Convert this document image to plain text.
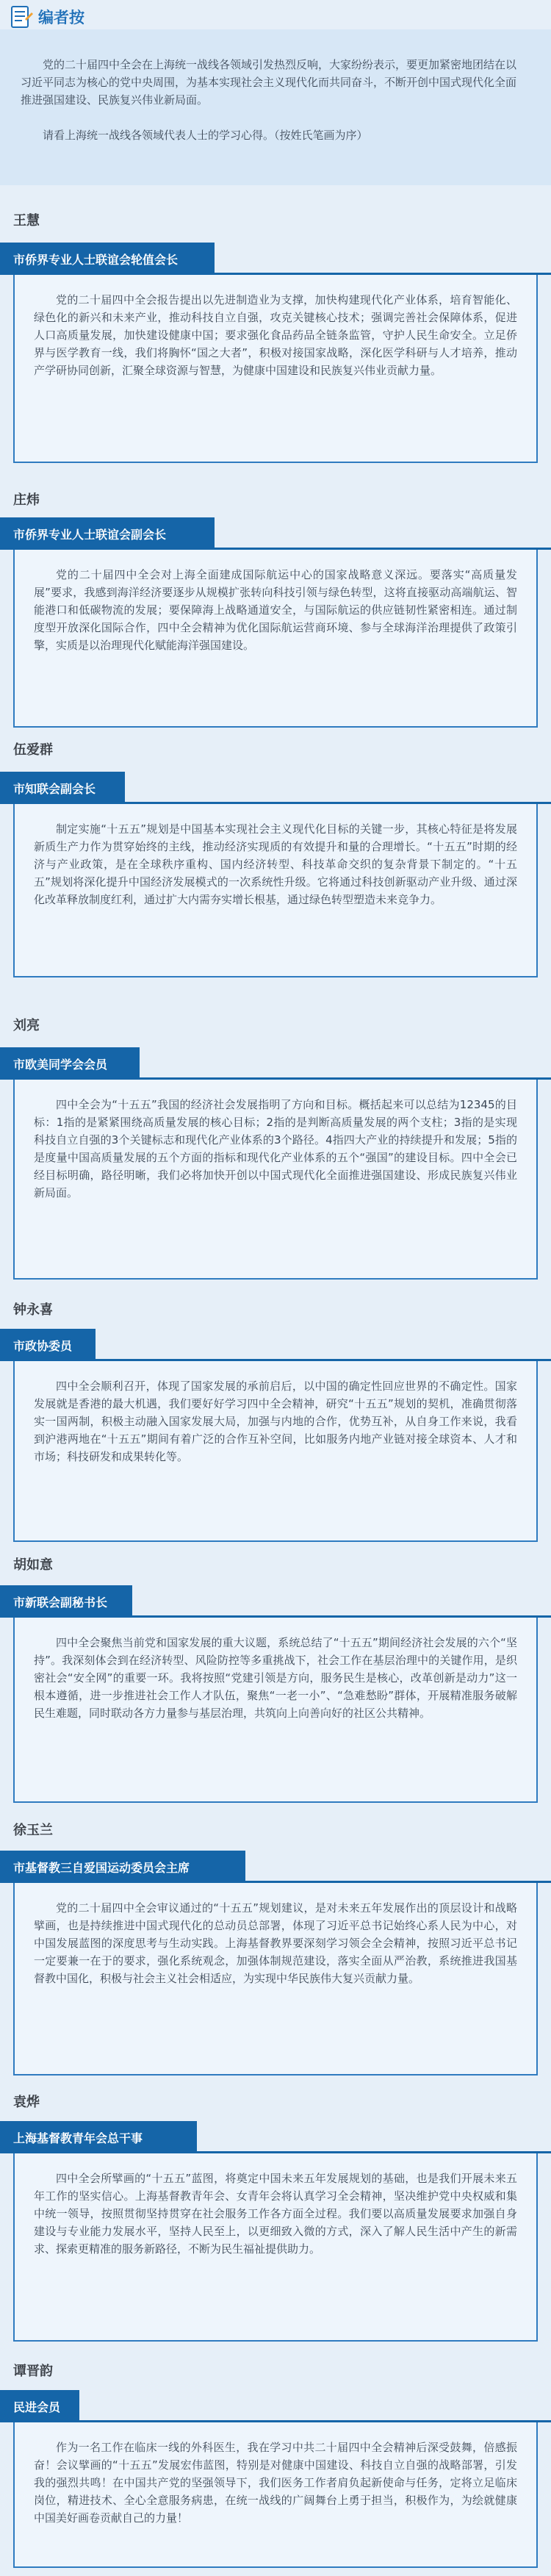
编者按

党的二十届四中全会在上海统一战线各领域引发热烈反响，大家纷纷表示，要更加紧密地团结在以习近平同志为核心的党中央周围，为基本实现社会主义现代化而共同奋斗，不断开创中国式现代化全面推进强国建设、民族复兴伟业新局面。

请看上海统一战线各领域代表人士的学习心得。（按姓氏笔画为序）

王慧
市侨界专业人士联谊会轮值会长
党的二十届四中全会报告提出以先进制造业为支撑，加快构建现代化产业体系，培育智能化、绿色化的新兴和未来产业，推动科技自立自强，攻克关键核心技术；强调完善社会保障体系，促进人口高质量发展，加快建设健康中国；要求强化食品药品全链条监管，守护人民生命安全。立足侨界与医学教育一线，我们将胸怀“国之大者”，积极对接国家战略，深化医学科研与人才培养，推动产学研协同创新，汇聚全球资源与智慧，为健康中国建设和民族复兴伟业贡献力量。
庄炜
市侨界专业人士联谊会副会长
党的二十届四中全会对上海全面建成国际航运中心的国家战略意义深远。要落实“高质量发展”要求，我感到海洋经济要逐步从规模扩张转向科技引领与绿色转型，这将直接驱动高端航运、智能港口和低碳物流的发展；要保障海上战略通道安全，与国际航运的供应链韧性紧密相连。通过制度型开放深化国际合作，四中全会精神为优化国际航运营商环境、参与全球海洋治理提供了政策引擎，实质是以治理现代化赋能海洋强国建设。
伍爱群
市知联会副会长
制定实施“十五五”规划是中国基本实现社会主义现代化目标的关键一步，其核心特征是将发展新质生产力作为贯穿始终的主线，推动经济实现质的有效提升和量的合理增长。“十五五”时期的经济与产业政策，是在全球秩序重构、国内经济转型、科技革命交织的复杂背景下制定的。“十五五”规划将深化提升中国经济发展模式的一次系统性升级。它将通过科技创新驱动产业升级、通过深化改革释放制度红利，通过扩大内需夯实增长根基，通过绿色转型塑造未来竞争力。
刘亮
市欧美同学会会员
四中全会为“十五五”我国的经济社会发展指明了方向和目标。概括起来可以总结为12345的目标：1指的是紧紧围绕高质量发展的核心目标；2指的是判断高质量发展的两个支柱；3指的是实现科技自立自强的3个关键标志和现代化产业体系的3个路径。4指四大产业的持续提升和发展；5指的是度量中国高质量发展的五个方面的指标和现代化产业体系的五个“强国”的建设目标。四中全会已经目标明确，路径明晰，我们必将加快开创以中国式现代化全面推进强国建设、形成民族复兴伟业新局面。
钟永喜
市政协委员
四中全会顺利召开，体现了国家发展的承前启后，以中国的确定性回应世界的不确定性。国家发展就是香港的最大机遇，我们要好好学习四中全会精神，研究“十五五”规划的契机，准确贯彻落实一国两制，积极主动融入国家发展大局，加强与内地的合作，优势互补，从自身工作来说，我看到沪港两地在“十五五”期间有着广泛的合作互补空间，比如服务内地产业链对接全球资本、人才和市场；科技研发和成果转化等。
胡如意
市新联会副秘书长
四中全会聚焦当前党和国家发展的重大议题，系统总结了“十五五”期间经济社会发展的六个“坚持”。我深刻体会到在经济转型、风险防控等多重挑战下，社会工作在基层治理中的关键作用，是织密社会“安全网”的重要一环。我将按照“党建引领是方向，服务民生是核心，改革创新是动力”这一根本遵循，进一步推进社会工作人才队伍，聚焦“一老一小”、“急难愁盼”群体，开展精准服务破解民生难题，同时联动各方力量参与基层治理，共筑向上向善向好的社区公共精神。
徐玉兰
市基督教三自爱国运动委员会主席
党的二十届四中全会审议通过的“十五五”规划建议，是对未来五年发展作出的顶层设计和战略擘画，也是持续推进中国式现代化的总动员总部署，体现了习近平总书记始终心系人民为中心，对中国发展蓝图的深度思考与生动实践。上海基督教界要深刻学习领会全会精神，按照习近平总书记一定要兼一在于的要求，强化系统观念，加强体制规范建设，落实全面从严治教，系统推进我国基督教中国化，积极与社会主义社会相适应，为实现中华民族伟大复兴贡献力量。
袁烨
上海基督教青年会总干事
四中全会所擘画的“十五五”蓝图，将奠定中国未来五年发展规划的基础，也是我们开展未来五年工作的坚实信心。上海基督教青年会、女青年会将认真学习全会精神，坚决维护党中央权威和集中统一领导，按照贯彻坚持贯穿在社会服务工作各方面全过程。我们要以高质量发展要求加强自身建设与专业能力发展水平，坚持人民至上，以更细致入微的方式，深入了解人民生活中产生的新需求、探索更精准的服务新路径，不断为民生福祉提供助力。
谭晋韵
民进会员
作为一名工作在临床一线的外科医生，我在学习中共二十届四中全会精神后深受鼓舞，倍感振奋！会议擘画的“十五五”发展宏伟蓝图，特别是对健康中国建设、科技自立自强的战略部署，引发我的强烈共鸣！在中国共产党的坚强领导下，我们医务工作者肩负起新使命与任务，定将立足临床岗位，精进技术、全心全意服务病患，在统一战线的广阔舞台上勇于担当，积极作为，为绘就健康中国美好画卷贡献自己的力量！
